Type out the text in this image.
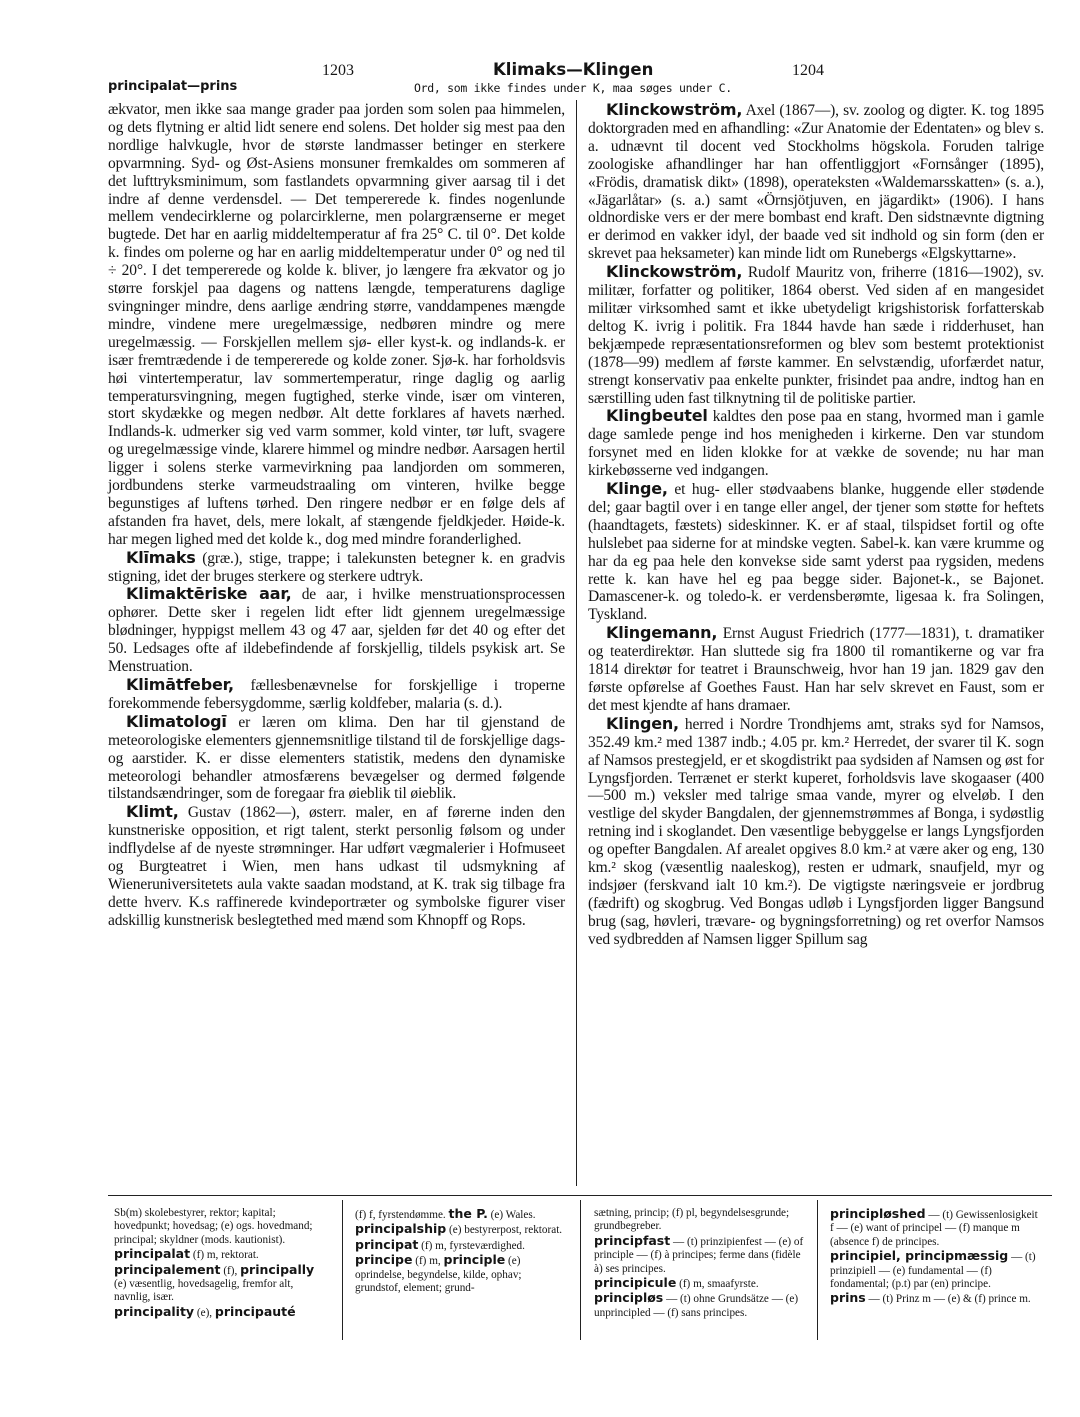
1203	Klimaks—Klingen	1204
principalat—prins	Ord, som ikke findes under K, maa søges under C.

ækvator, men ikke saa mange grader paa jorden som solen paa himmelen, og dets flytning er altid lidt senere end solens. Det holder sig mest paa den nordlige halvkugle, hvor de største landmasser betinger en sterkere opvarmning. Syd- og Øst-Asiens monsuner fremkaldes om sommeren af det lufttryksminimum, som fastlandets opvarmning giver aarsag til i det indre af denne verdensdel. — Det tempererede k. findes nogenlunde mellem vendecirklerne og polarcirklerne, men polargrænserne er meget bugtede. Det har en aarlig middeltemperatur af fra 25° C. til 0°. Det kolde k. findes om polerne og har en aarlig middeltemperatur under 0° og ned til ÷ 20°. I det tempererede og kolde k. bliver, jo længere fra ækvator og jo større forskjel paa dagens og nattens længde, temperaturens daglige svingninger mindre, dens aarlige ændring større, vanddampenes mængde mindre, vindene mere uregelmæssige, nedbøren mindre og mere uregelmæssig. — Forskjellen mellem sjø- eller kyst-k. og indlands-k. er især fremtrædende i de tempererede og kolde zoner. Sjø-k. har forholdsvis høi vintertemperatur, lav sommertemperatur, ringe daglig og aarlig temperatursvingning, megen fugtighed, sterke vinde, især om vinteren, stort skydække og megen nedbør. Alt dette forklares af havets nærhed. Indlands-k. udmerker sig ved varm sommer, kold vinter, tør luft, svagere og uregelmæssige vinde, klarere himmel og mindre nedbør. Aarsagen hertil ligger i solens sterke varmevirkning paa landjorden om sommeren, jordbundens sterke varmeudstraaling om vinteren, hvilke begge begunstiges af luftens tørhed. Den ringere nedbør er en følge dels af afstanden fra havet, dels, mere lokalt, af stængende fjeldkjeder. Høide-k. har megen lighed med det kolde k., dog med mindre foranderlighed.

Klīmaks (græ.), stige, trappe; i talekunsten betegner k. en gradvis stigning, idet der bruges sterkere og sterkere udtryk.

Klimaktēriske aar, de aar, i hvilke menstruationsprocessen ophører. Dette sker i regelen lidt efter lidt gjennem uregelmæssige blødninger, hyppigst mellem 43 og 47 aar, sjelden før det 40 og efter det 50. Ledsages ofte af ildebefindende af forskjellig, tildels psykisk art. Se Menstruation.

Klimātfeber, fællesbenævnelse for forskjellige i troperne forekommende febersygdomme, særlig koldfeber, malaria (s. d.).

Klimatologī er læren om klima. Den har til gjenstand de meteorologiske elementers gjennemsnitlige tilstand til de forskjellige dags- og aarstider. K. er disse elementers statistik, medens den dynamiske meteorologi behandler atmosfærens bevægelser og dermed følgende tilstandsændringer, som de foregaar fra øieblik til øieblik.

Klimt, Gustav (1862—), østerr. maler, en af førerne inden den kunstneriske opposition, et rigt talent, sterkt personlig følsom og under indflydelse af de nyeste strømninger. Har udført vægmalerier i Hofmuseet og Burgteatret i Wien, men hans udkast til udsmykning af Wieneruniversitetets aula vakte saadan modstand, at K. trak sig tilbage fra dette hverv. K.s raffinerede kvindeportræter og symbolske figurer viser adskillig kunstnerisk beslegtethed med mænd som Khnopff og Rops.

Klinckowström, Axel (1867—), sv. zoolog og digter. K. tog 1895 doktorgraden med en afhandling: «Zur Anatomie der Edentaten» og blev s. a. udnævnt til docent ved Stockholms högskola. Foruden talrige zoologiske afhandlinger har han offentliggjort «Fornsånger (1895), «Frödis, dramatisk dikt» (1898), operateksten «Waldemarsskatten» (s. a.), «Jägarlåtar» (s. a.) samt «Örnsjötjuven, en jägardikt» (1906). I hans oldnordiske vers er der mere bombast end kraft. Den sidstnævnte digtning er derimod en vakker idyl, der baade ved sit indhold og sin form (den er skrevet paa heksameter) kan minde lidt om Runebergs «Elgskyttarne».

Klinckowström, Rudolf Mauritz von, friherre (1816—1902), sv. militær, forfatter og politiker, 1864 oberst. Ved siden af en mangesidet militær virksomhed samt et ikke ubetydeligt krigshistorisk forfatterskab deltog K. ivrig i politik. Fra 1844 havde han sæde i ridderhuset, han bekjæmpede repræsentationsreformen og blev som bestemt protektionist (1878—99) medlem af første kammer. En selvstændig, uforfærdet natur, strengt konservativ paa enkelte punkter, frisindet paa andre, indtog han en særstilling uden fast tilknytning til de politiske partier.

Klingbeutel kaldtes den pose paa en stang, hvormed man i gamle dage samlede penge ind hos menigheden i kirkerne. Den var stundom forsynet med en liden klokke for at vække de sovende; nu har man kirkebøsserne ved indgangen.

Klinge, et hug- eller stødvaabens blanke, huggende eller stødende del; gaar bagtil over i en tange eller angel, der tjener som støtte for heftets (haandtagets, fæstets) sideskinner. K. er af staal, tilspidset fortil og ofte hulslebet paa siderne for at mindske vegten. Sabel-k. kan være krumme og har da eg paa hele den konvekse side samt yderst paa rygsiden, medens rette k. kan have hel eg paa begge sider. Bajonet-k., se Bajonet. Damascener-k. og toledo-k. er verdensberømte, ligesaa k. fra Solingen, Tyskland.

Klingemann, Ernst August Friedrich (1777—1831), t. dramatiker og teaterdirektør. Han sluttede sig fra 1800 til romantikerne og var fra 1814 direktør for teatret i Braunschweig, hvor han 19 jan. 1829 gav den første opførelse af Goethes Faust. Han har selv skrevet en Faust, som er det mest kjendte af hans dramaer.

Klingen, herred i Nordre Trondhjems amt, straks syd for Namsos, 352.49 km.² med 1387 indb.; 4.05 pr. km.² Herredet, der svarer til K. sogn af Namsos prestegjeld, er et skogdistrikt paa sydsiden af Namsen og øst for Lyngsfjorden. Terrænet er sterkt kuperet, forholdsvis lave skogaaser (400—500 m.) veksler med talrige smaa vande, myrer og elveløb. I den vestlige del skyder Bangdalen, der gjennemstrømmes af Bonga, i sydøstlig retning ind i skoglandet. Den væsentlige bebyggelse er langs Lyngsfjorden og opefter Bangdalen. Af arealet opgives 8.0 km.² at være aker og eng, 130 km.² skog (væsentlig naaleskog), resten er udmark, snaufjeld, myr og indsjøer (ferskvand ialt 10 km.²). De vigtigste næringsveie er jordbrug (fædrift) og skogbrug. Ved Bongas udløb i Lyngsfjorden ligger Bangsund brug (sag, høvleri, trævare- og bygningsforretning) og ret overfor Namsos ved sydbredden af Namsen ligger Spillum sag

Sb(m) skolebestyrer, rektor; kapital; hovedpunkt; hovedsag; (e) ogs. hovedmand; principal; skyldner (mods. kautionist).

principalat (f) m, rektorat.

principalement (f), principally (e) væsentlig, hovedsagelig, fremfor alt, navnlig, især.

principality (e), principauté

(f) f, fyrstendømme. the P. (e) Wales.

principalship (e) bestyrerpost, rektorat.

principat (f) m, fyrsteværdighed.

principe (f) m, principle (e) oprindelse, begyndelse, kilde, ophav; grundstof, element; grund-

sætning, princip; (f) pl, begyndelsesgrunde; grundbegreber.

principfast — (t) prinzipienfest — (e) of principle — (f) à principes; ferme dans (fidèle à) ses principes.

principicule (f) m, smaafyrste.

principløs — (t) ohne Grundsätze — (e) unprincipled — (f) sans principes.

principløshed — (t) Gewissenlosigkeit f — (e) want of principel — (f) manque m (absence f) de principes.

principiel, principmæssig — (t) prinzipiell — (e) fundamental — (f) fondamental; (p.t) par (en) principe.

prins — (t) Prinz m — (e) & (f) prince m.
